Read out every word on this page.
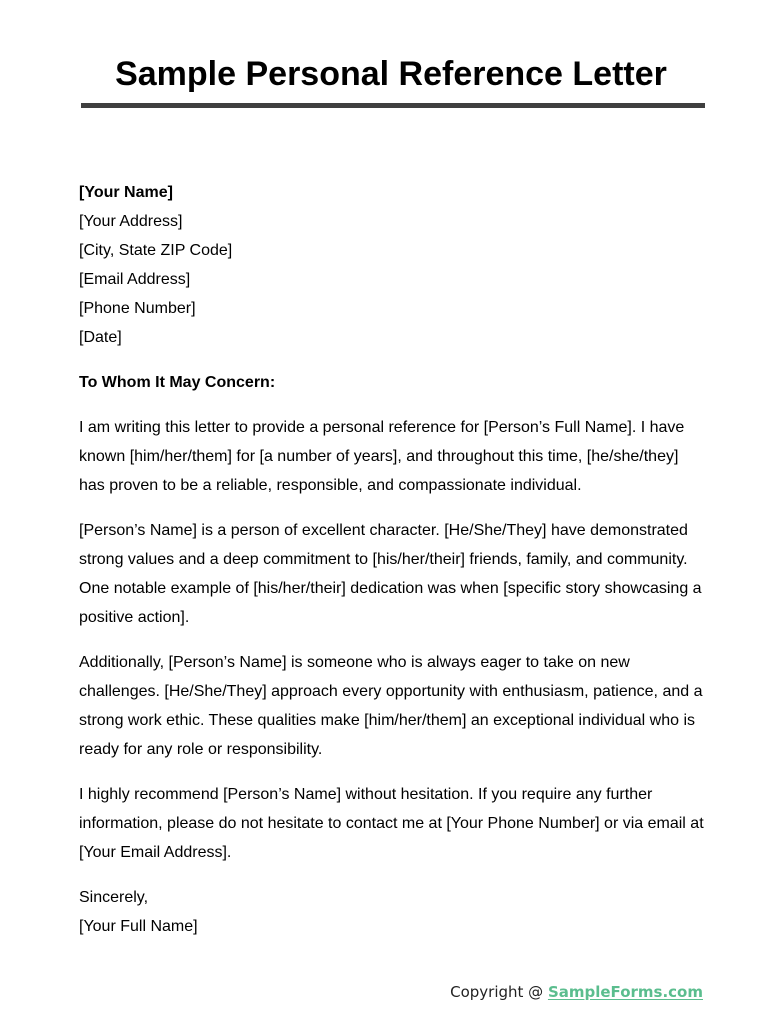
Sample Personal Reference Letter

[Your Name]
[Your Address]
[City, State ZIP Code]
[Email Address]
[Phone Number]
[Date]

To Whom It May Concern:

I am writing this letter to provide a personal reference for [Person’s Full Name]. I have known [him/her/them] for [a number of years], and throughout this time, [he/she/they] has proven to be a reliable, responsible, and compassionate individual.

[Person’s Name] is a person of excellent character. [He/She/They] have demonstrated strong values and a deep commitment to [his/her/their] friends, family, and community. One notable example of [his/her/their] dedication was when [specific story showcasing a positive action].

Additionally, [Person’s Name] is someone who is always eager to take on new challenges. [He/She/They] approach every opportunity with enthusiasm, patience, and a strong work ethic. These qualities make [him/her/them] an exceptional individual who is ready for any role or responsibility.

I highly recommend [Person’s Name] without hesitation. If you require any further information, please do not hesitate to contact me at [Your Phone Number] or via email at [Your Email Address].

Sincerely,
[Your Full Name]

Copyright @ SampleForms.com
